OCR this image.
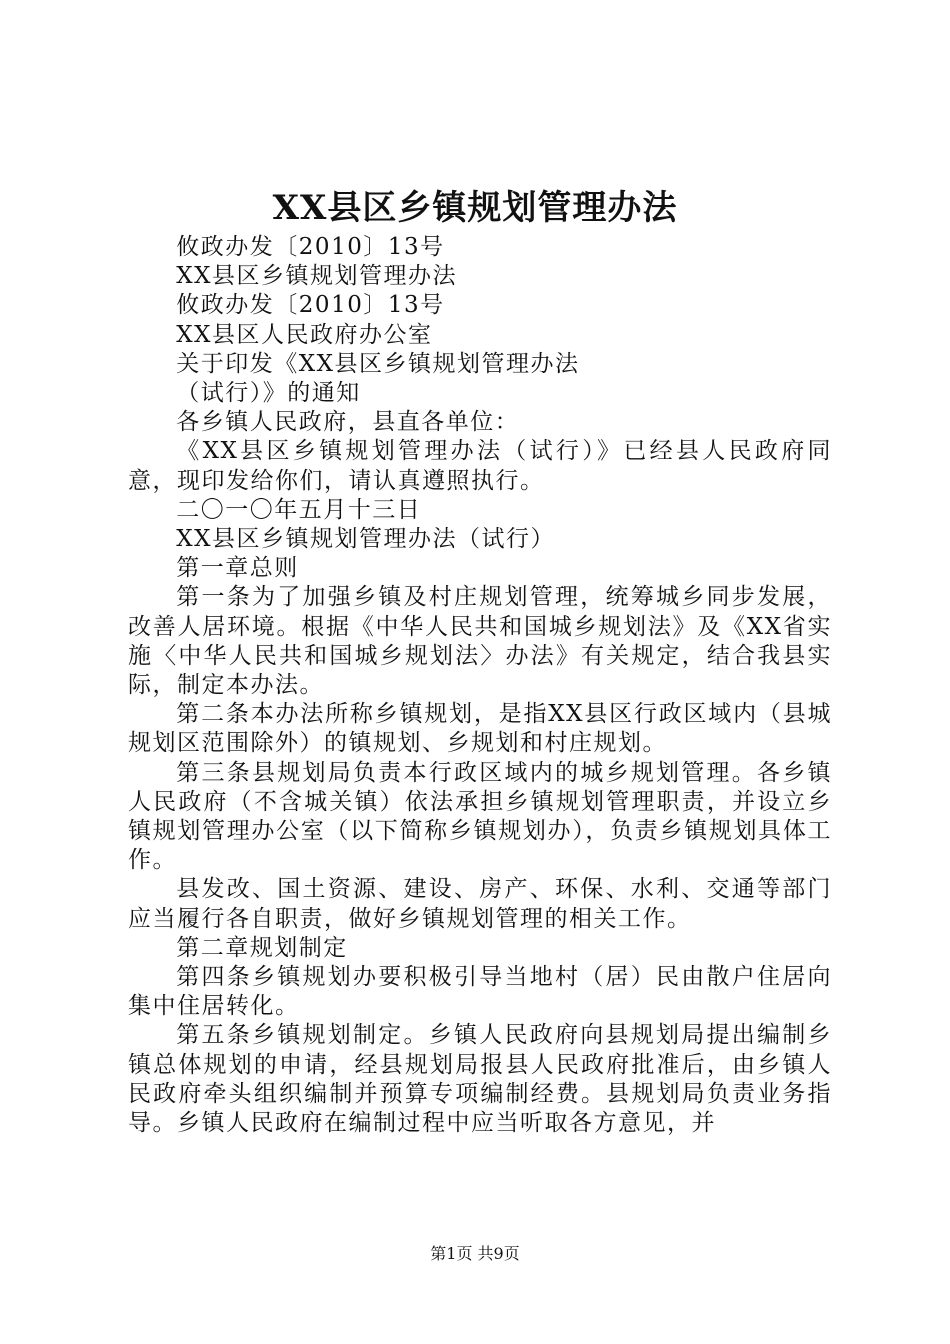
XX县区乡镇规划管理办法

攸政办发〔2010〕13号

XX县区乡镇规划管理办法

攸政办发〔2010〕13号

XX县区人民政府办公室

关于印发《XX县区乡镇规划管理办法

（试行）》的通知

各乡镇人民政府，县直各单位：

《XX县区乡镇规划管理办法（试行）》已经县人民政府同意，现印发给你们，请认真遵照执行。

二〇一〇年五月十三日

XX县区乡镇规划管理办法（试行）

第一章总则

第一条为了加强乡镇及村庄规划管理，统筹城乡同步发展，改善人居环境。根据《中华人民共和国城乡规划法》及《XX省实施〈中华人民共和国城乡规划法〉办法》有关规定，结合我县实际，制定本办法。

第二条本办法所称乡镇规划，是指XX县区行政区域内（县城规划区范围除外）的镇规划、乡规划和村庄规划。

第三条县规划局负责本行政区域内的城乡规划管理。各乡镇人民政府（不含城关镇）依法承担乡镇规划管理职责，并设立乡镇规划管理办公室（以下简称乡镇规划办），负责乡镇规划具体工作。

县发改、国土资源、建设、房产、环保、水利、交通等部门应当履行各自职责，做好乡镇规划管理的相关工作。

第二章规划制定

第四条乡镇规划办要积极引导当地村（居）民由散户住居向集中住居转化。

第五条乡镇规划制定。乡镇人民政府向县规划局提出编制乡镇总体规划的申请，经县规划局报县人民政府批准后，由乡镇人民政府牵头组织编制并预算专项编制经费。县规划局负责业务指导。乡镇人民政府在编制过程中应当听取各方意见，并

第1页 共9页
